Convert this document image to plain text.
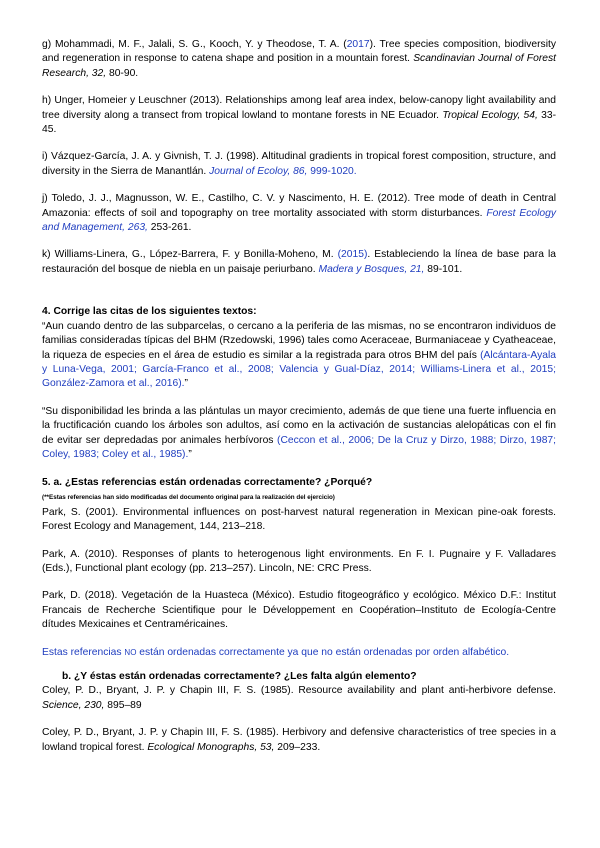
g) Mohammadi, M. F., Jalali, S. G., Kooch, Y. y Theodose, T. A. (2017). Tree species composition, biodiversity and regeneration in response to catena shape and position in a mountain forest. Scandinavian Journal of Forest Research, 32, 80-90.

h) Unger, Homeier y Leuschner (2013). Relationships among leaf area index, below-canopy light availability and tree diversity along a transect from tropical lowland to montane forests in NE Ecuador. Tropical Ecology, 54, 33-45.

i) Vázquez-García, J. A. y Givnish, T. J. (1998). Altitudinal gradients in tropical forest composition, structure, and diversity in the Sierra de Manantlán. Journal of Ecoloy, 86, 999-1020.

j) Toledo, J. J., Magnusson, W. E., Castilho, C. V. y Nascimento, H. E. (2012). Tree mode of death in Central Amazonia: effects of soil and topography on tree mortality associated with storm disturbances. Forest Ecology and Management, 263, 253-261.

k) Williams-Linera, G., López-Barrera, F. y Bonilla-Moheno, M. (2015). Estableciendo la línea de base para la restauración del bosque de niebla en un paisaje periurbano. Madera y Bosques, 21, 89-101.

4. Corrige las citas de los siguientes textos:

“Aun cuando dentro de las subparcelas, o cercano a la periferia de las mismas, no se encontraron individuos de familias consideradas típicas del BHM (Rzedowski, 1996) tales como Aceraceae, Burmaniaceae y Cyatheaceae, la riqueza de especies en el área de estudio es similar a la registrada para otros BHM del país (Alcántara-Ayala y Luna-Vega, 2001; García-Franco et al., 2008; Valencia y Gual-Díaz, 2014; Williams-Linera et al., 2015; González-Zamora et al., 2016).”

“Su disponibilidad les brinda a las plántulas un mayor crecimiento, además de que tiene una fuerte influencia en la fructificación cuando los árboles son adultos, así como en la activación de sustancias alelopáticas con el fin de evitar ser depredadas por animales herbívoros (Ceccon et al., 2006; De la Cruz y Dirzo, 1988; Dirzo, 1987; Coley, 1983; Coley et al., 1985).”

5. a. ¿Estas referencias están ordenadas correctamente? ¿Porqué?

(**Estas referencias han sido modificadas del documento original para la realización del ejercicio)

Park, S. (2001). Environmental influences on post-harvest natural regeneration in Mexican pine-oak forests. Forest Ecology and Management, 144, 213–218.

Park, A. (2010). Responses of plants to heterogenous light environments. En F. I. Pugnaire y F. Valladares (Eds.), Functional plant ecology (pp. 213–257). Lincoln, NE: CRC Press.

Park, D. (2018). Vegetación de la Huasteca (México). Estudio fitogeográfico y ecológico. México D.F.: Institut Francais de Recherche Scientifique pour le Développement en Coopération–Instituto de Ecología-Centre dítudes Mexicaines et Centraméricaines.

Estas referencias NO están ordenadas correctamente ya que no están ordenadas por orden alfabético.

b. ¿Y éstas están ordenadas correctamente? ¿Les falta algún elemento?

Coley, P. D., Bryant, J. P. y Chapin III, F. S. (1985). Resource availability and plant anti-herbivore defense. Science, 230, 895–89

Coley, P. D., Bryant, J. P. y Chapin III, F. S. (1985). Herbivory and defensive characteristics of tree species in a lowland tropical forest. Ecological Monographs, 53, 209–233.
